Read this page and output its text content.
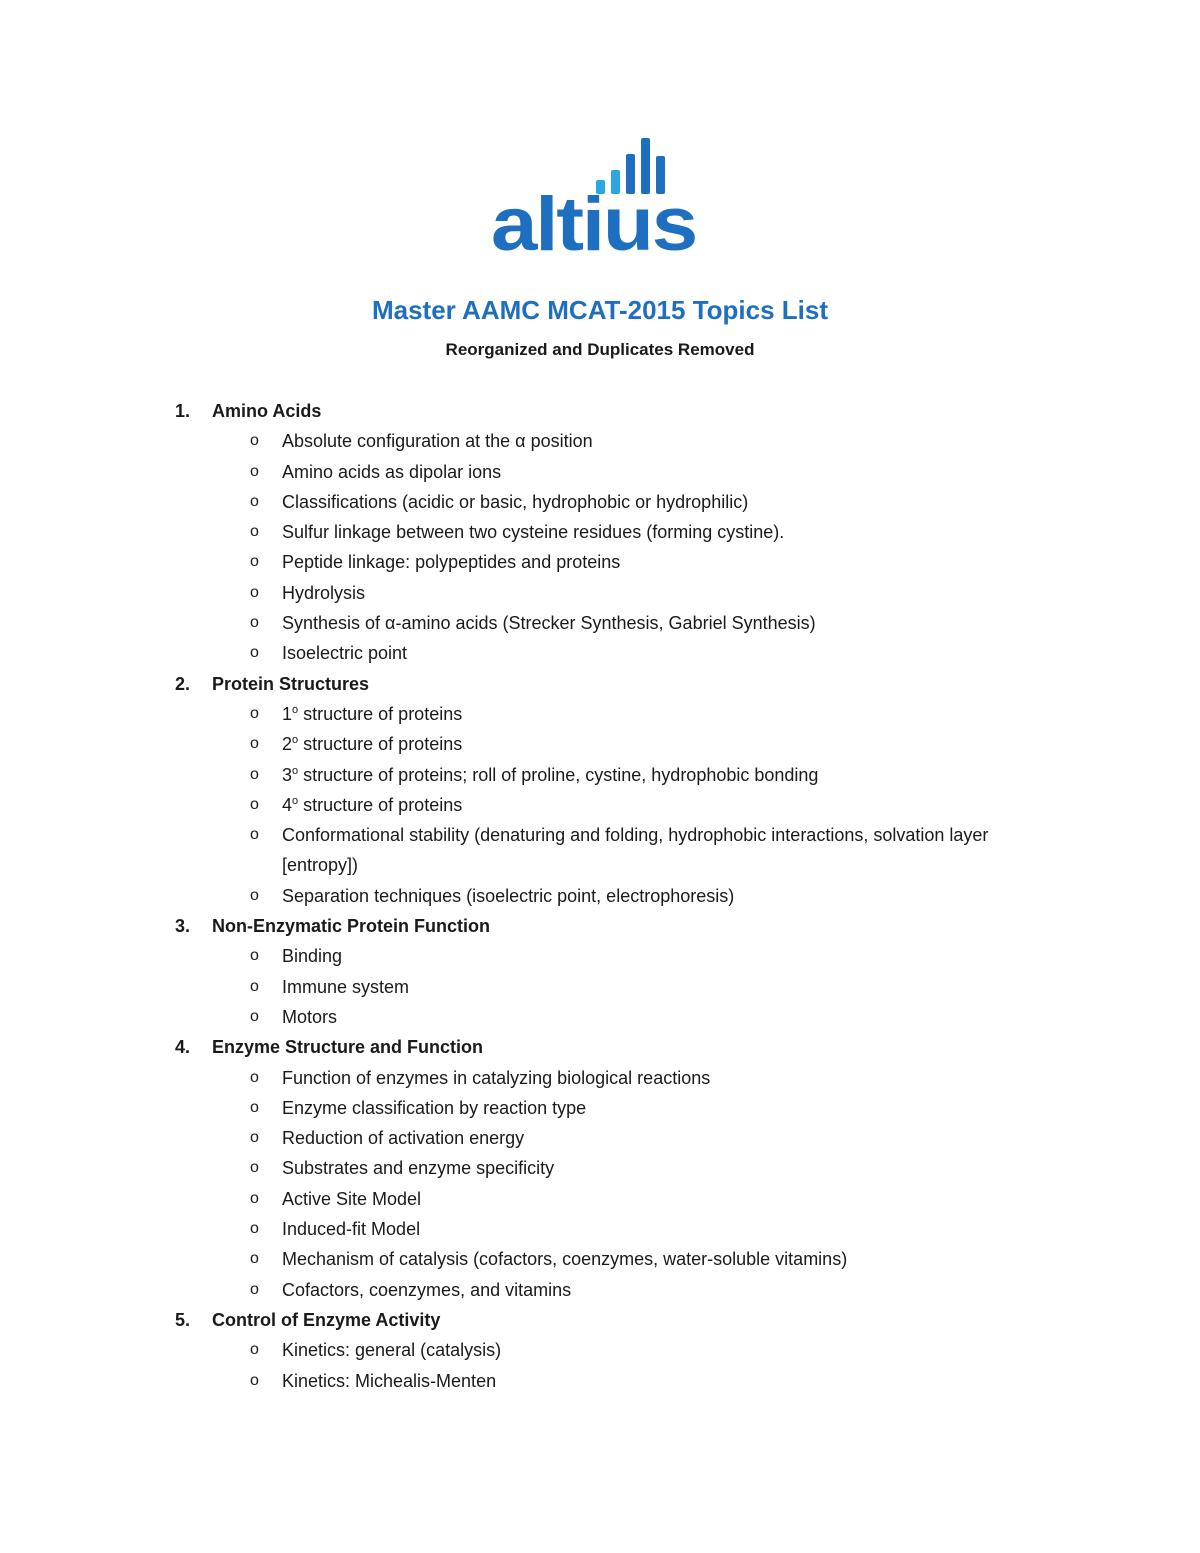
altius
Master AAMC MCAT-2015 Topics List
Reorganized and Duplicates Removed
1. Amino Acids
o Absolute configuration at the α position
o Amino acids as dipolar ions
o Classifications (acidic or basic, hydrophobic or hydrophilic)
o Sulfur linkage between two cysteine residues (forming cystine).
o Peptide linkage: polypeptides and proteins
o Hydrolysis
o Synthesis of α-amino acids (Strecker Synthesis, Gabriel Synthesis)
o Isoelectric point
2. Protein Structures
o 1$^o$ structure of proteins
o 2$^o$ structure of proteins
o 3$^o$ structure of proteins; roll of proline, cystine, hydrophobic bonding
o 4$^o$ structure of proteins
o Conformational stability (denaturing and folding, hydrophobic interactions, solvation layer [entropy])
o Separation techniques (isoelectric point, electrophoresis)
3. Non-Enzymatic Protein Function
o Binding
o Immune system
o Motors
4. Enzyme Structure and Function
o Function of enzymes in catalyzing biological reactions
o Enzyme classification by reaction type
o Reduction of activation energy
o Substrates and enzyme specificity
o Active Site Model
o Induced-fit Model
o Mechanism of catalysis (cofactors, coenzymes, water-soluble vitamins)
o Cofactors, coenzymes, and vitamins
5. Control of Enzyme Activity
o Kinetics: general (catalysis)
o Kinetics: Michealis-Menten
